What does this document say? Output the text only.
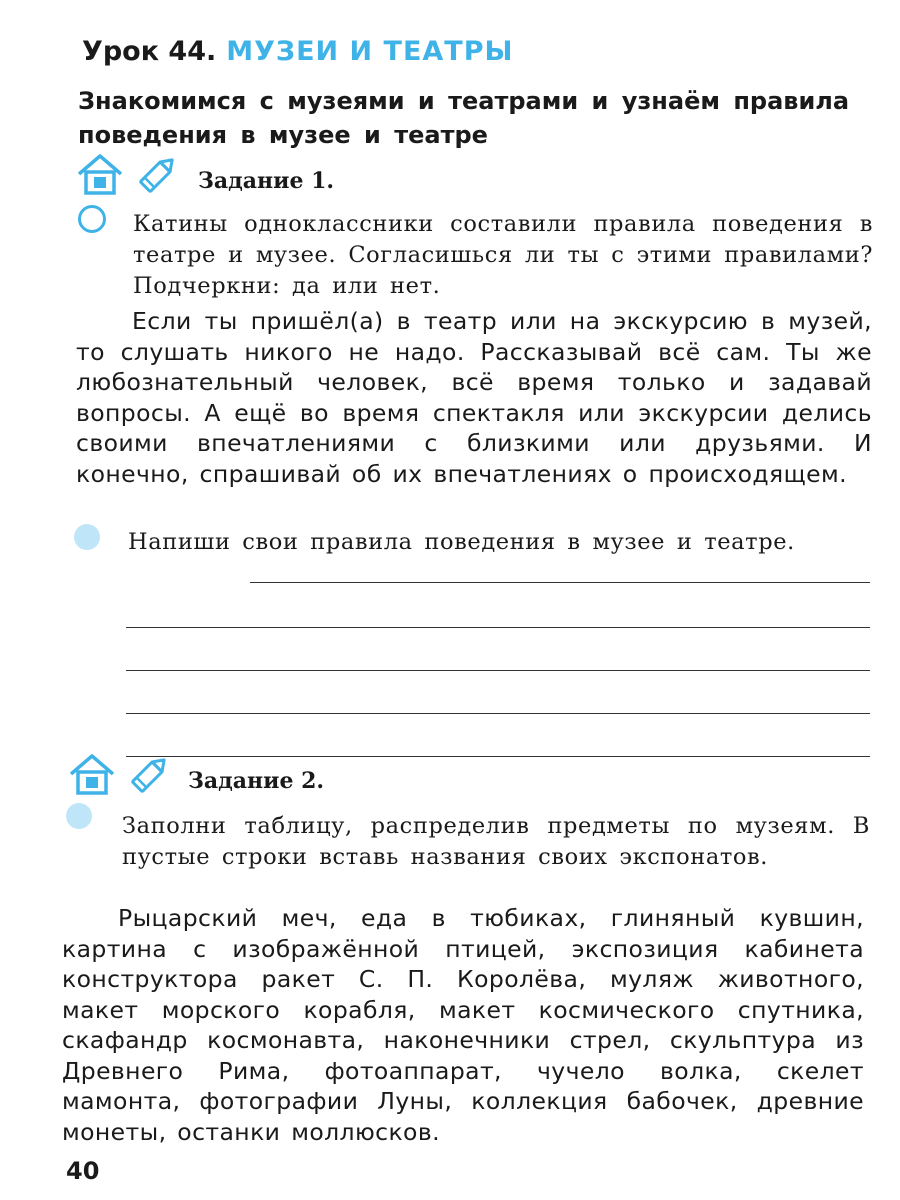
Урок 44. МУЗЕИ И ТЕАТРЫ
Знакомимся с музеями и театрами и узнаём правила поведения в музее и театре
Задание 1.

Катины одноклассники составили правила поведения в театре и музее. Согласишься ли ты с этими правилами? Подчеркни: да или нет.

Если ты пришёл(а) в театр или на экскурсию в музей, то слушать никого не надо. Рассказывай всё сам. Ты же любознательный человек, всё время только и задавай вопросы. А ещё во время спектакля или экскурсии делись своими впечатлениями с близкими или друзьями. И конечно, спрашивай об их впечатлениях о происходящем.

Напиши свои правила поведения в музее и театре.

Задание 2.

Заполни таблицу, распределив предметы по музеям. В пустые строки вставь названия своих экспонатов.

Рыцарский меч, еда в тюбиках, глиняный кувшин, картина с изображённой птицей, экспозиция кабинета конструктора ракет С. П. Королёва, муляж животного, макет морского корабля, макет космического спутника, скафандр космонавта, наконечники стрел, скульптура из Древнего Рима, фотоаппарат, чучело волка, скелет мамонта, фотографии Луны, коллекция бабочек, древние монеты, останки моллюсков.

40
